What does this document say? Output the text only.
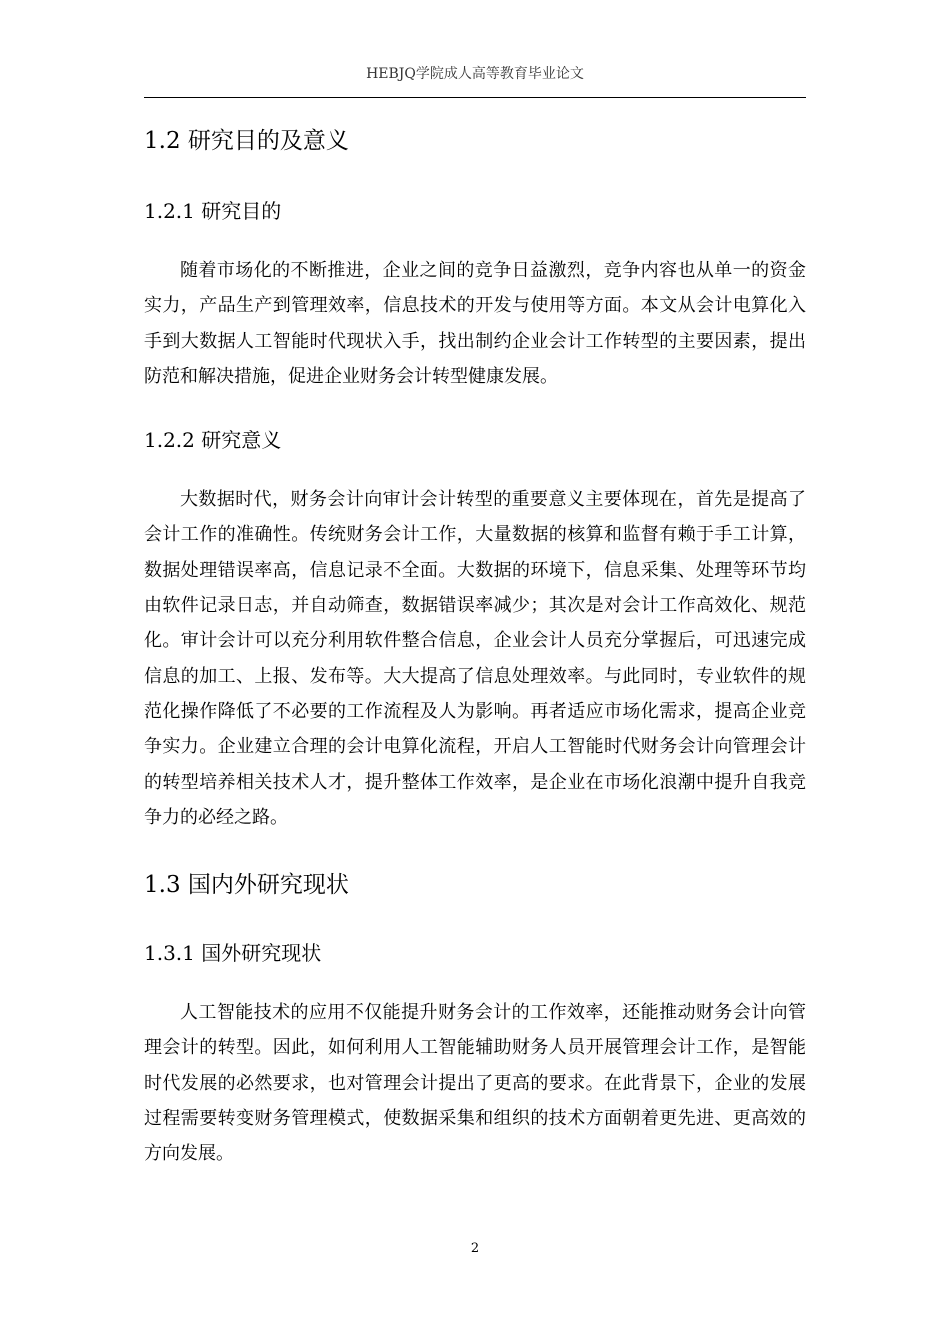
HEBJQ学院成人高等教育毕业论文
1.2 研究目的及意义
1.2.1 研究目的

随着市场化的不断推进，企业之间的竞争日益激烈，竞争内容也从单一的资金实力，产品生产到管理效率，信息技术的开发与使用等方面。本文从会计电算化入手到大数据人工智能时代现状入手，找出制约企业会计工作转型的主要因素，提出防范和解决措施，促进企业财务会计转型健康发展。

1.2.2 研究意义

大数据时代，财务会计向审计会计转型的重要意义主要体现在，首先是提高了会计工作的准确性。传统财务会计工作，大量数据的核算和监督有赖于手工计算，数据处理错误率高，信息记录不全面。大数据的环境下，信息采集、处理等环节均由软件记录日志，并自动筛查，数据错误率减少；其次是对会计工作高效化、规范化。审计会计可以充分利用软件整合信息，企业会计人员充分掌握后，可迅速完成信息的加工、上报、发布等。大大提高了信息处理效率。与此同时，专业软件的规范化操作降低了不必要的工作流程及人为影响。再者适应市场化需求，提高企业竞争实力。企业建立合理的会计电算化流程，开启人工智能时代财务会计向管理会计的转型培养相关技术人才，提升整体工作效率，是企业在市场化浪潮中提升自我竞争力的必经之路。

1.3 国内外研究现状
1.3.1 国外研究现状

人工智能技术的应用不仅能提升财务会计的工作效率，还能推动财务会计向管理会计的转型。因此，如何利用人工智能辅助财务人员开展管理会计工作，是智能时代发展的必然要求，也对管理会计提出了更高的要求。在此背景下，企业的发展过程需要转变财务管理模式，使数据采集和组织的技术方面朝着更先进、更高效的方向发展。

2
